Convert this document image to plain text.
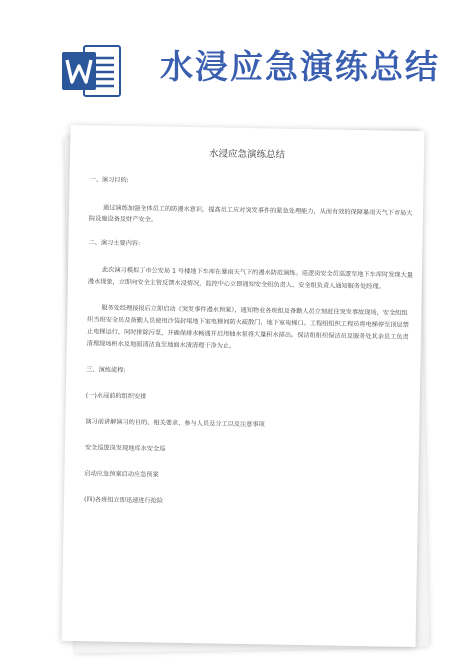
水浸应急演练总结
水浸应急演练总结
一、演习目的:
通过演练加强全体员工的防漫水意识，提高员工应对突发事件的紧急处理能力，从而有效的保障暴雨天气下市局大
院设施设备及财产安全。
二、演习主要内容:
此次演习模拟丁市公安局 1 号楼地下车库在暴雨天气下的漫水防范演练。巡逻岗安全员巡逻至地下车库时发现大量
漫水现象，立即向安全主管反馈水浸情况，监控中心立即通知安全组负责人、安全组负责人通知服务处经理。
服务处经理接报后立即启动《突发事件漫水预案》，通知物业各班组及备勤人员立刻赶往突发事故现场，安全组组
织当班安全员及备勤人员使用沙袋封堵地下室电梯间防火疏散门、地下室电梯口。工程组组织工程员将电梯停至顶层禁
止电梯运行，同时排除污泵，并确保排水畅通并启用抽水泵将大量积水排出。保洁组组织保洁员及服务处其余员工负责
清理现场积水及地面清洁直至地面水渍清理干净为止。
三、演练流程:
(一)水浸前的组织安排
演习前讲解演习的目的、相关要求、参与人员及分工以及注意事项
安全巡逻岗发现地库水安全巡
启动应急预案启动应急预案
(四)各班组立即迅速进行抢险
